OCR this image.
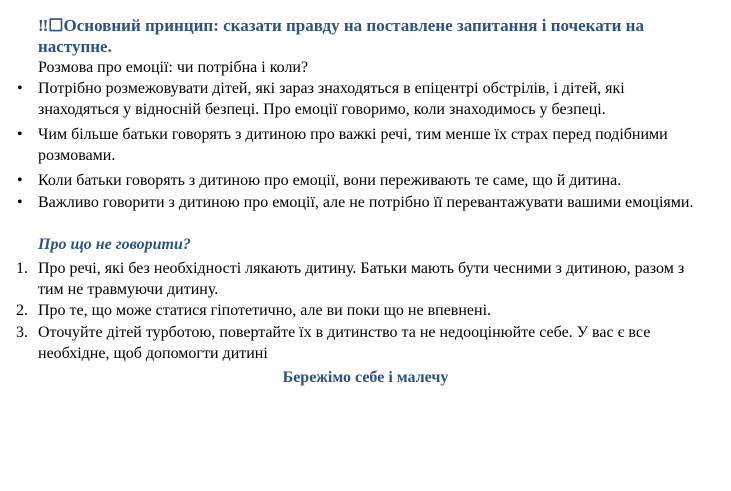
‼☐Основний принцип: сказати правду на поставлене запитання і почекати на наступне.
Розмова про емоції: чи потрібна і коли?
• Потрібно розмежовувати дітей, які зараз знаходяться в епіцентрі обстрілів, і дітей, які знаходяться у відносній безпеці. Про емоції говоримо, коли знаходимось у безпеці.
• Чим більше батьки говорять з дитиною про важкі речі, тим менше їх страх перед подібними розмовами.
• Коли батьки говорять з дитиною про емоції, вони переживають те саме, що й дитина.
• Важливо говорити з дитиною про емоції, але не потрібно її перевантажувати вашими емоціями.
Про що не говорити?
1. Про речі, які без необхідності лякають дитину. Батьки мають бути чесними з дитиною, разом з тим не травмуючи дитину.
2. Про те, що може статися гіпотетично, але ви поки що не впевнені.
3. Оточуйте дітей турботою, повертайте їх в дитинство та не недооцінюйте себе. У вас є все необхідне, щоб допомогти дитині
Бережімо себе і малечу
